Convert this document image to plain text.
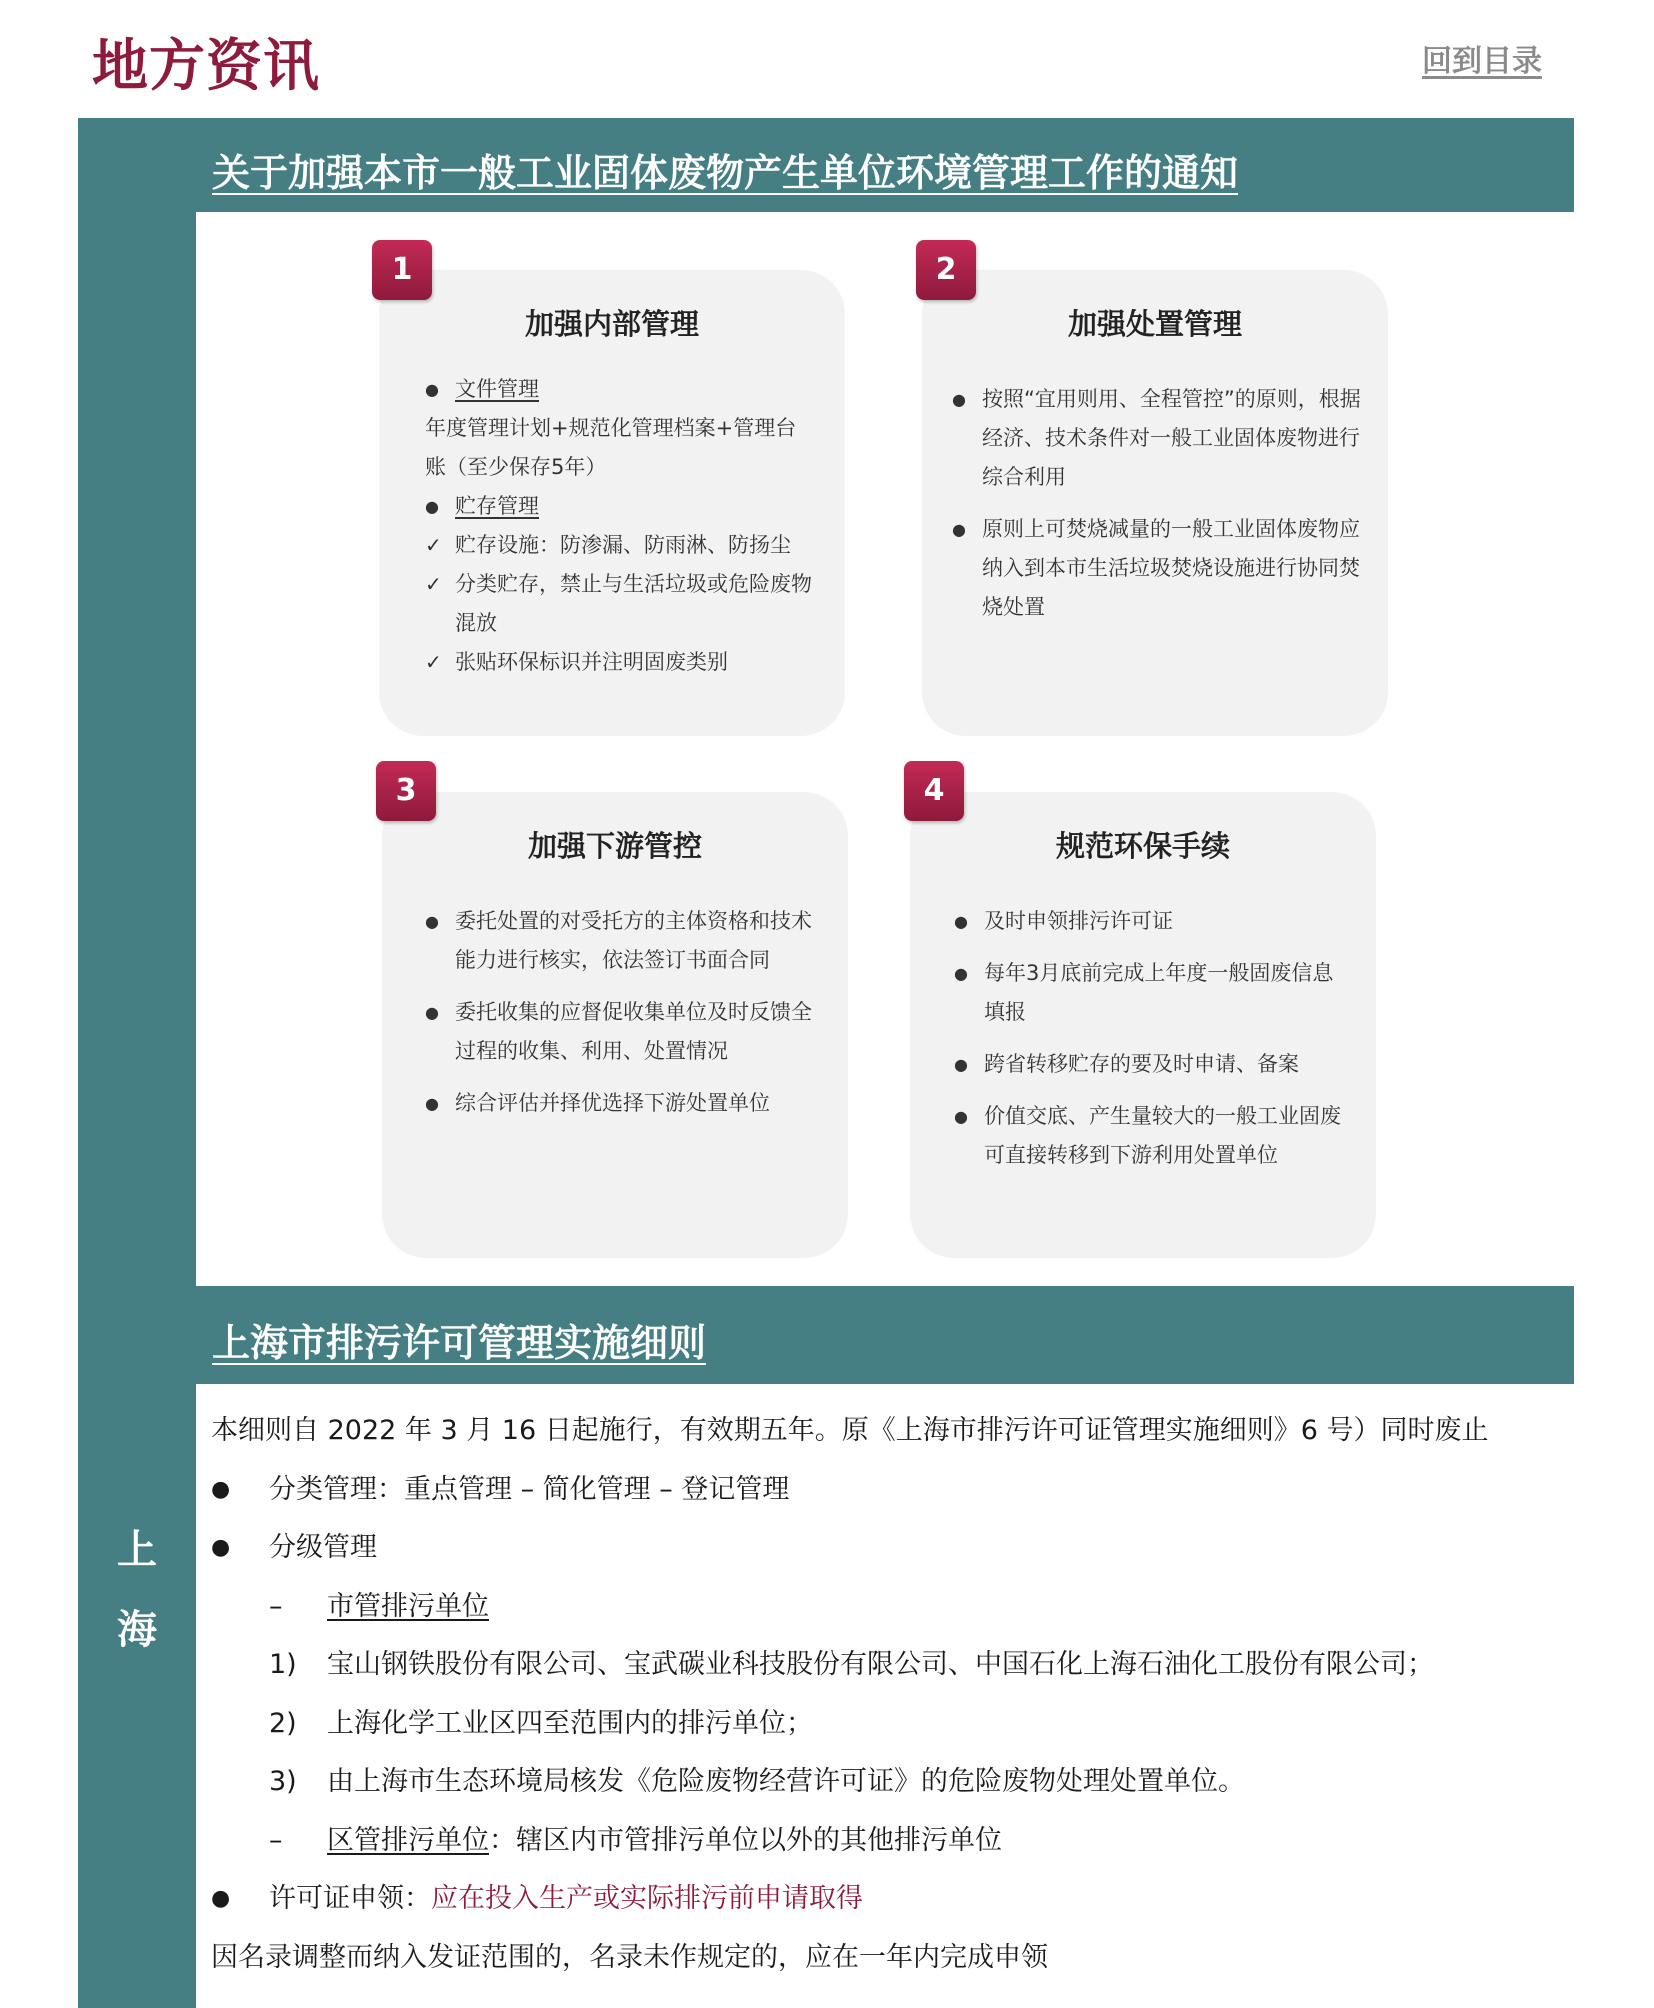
地方资讯	回到目录
上
海
关于加强本市一般工业固体废物产生单位环境管理工作的通知
加强内部管理
● 文件管理
年度管理计划+规范化管理档案+管理台账（至少保存5年）
● 贮存管理
✓ 贮存设施：防渗漏、防雨淋、防扬尘
✓ 分类贮存，禁止与生活垃圾或危险废物混放
✓ 张贴环保标识并注明固废类别
1
加强处置管理
● 按照“宜用则用、全程管控”的原则，根据经济、技术条件对一般工业固体废物进行综合利用
● 原则上可焚烧减量的一般工业固体废物应纳入到本市生活垃圾焚烧设施进行协同焚烧处置
2
加强下游管控
● 委托处置的对受托方的主体资格和技术能力进行核实，依法签订书面合同
● 委托收集的应督促收集单位及时反馈全过程的收集、利用、处置情况
● 综合评估并择优选择下游处置单位
3
规范环保手续
● 及时申领排污许可证
● 每年3月底前完成上年度一般固废信息填报
● 跨省转移贮存的要及时申请、备案
● 价值交底、产生量较大的一般工业固废可直接转移到下游利用处置单位
4
上海市排污许可管理实施细则
本细则自 2022 年 3 月 16 日起施行，有效期五年。原《上海市排污许可证管理实施细则》6 号）同时废止
●	分类管理：重点管理 – 简化管理 – 登记管理
●	分级管理
–	市管排污单位
1)	宝山钢铁股份有限公司、宝武碳业科技股份有限公司、中国石化上海石油化工股份有限公司；
2)	上海化学工业区四至范围内的排污单位；
3)	由上海市生态环境局核发《危险废物经营许可证》的危险废物处理处置单位。
–	区管排污单位 ：辖区内市管排污单位以外的其他排污单位
●	许可证申领： 应在投入生产或实际排污前申请取得
因名录调整而纳入发证范围的，名录未作规定的，应在一年内完成申领
